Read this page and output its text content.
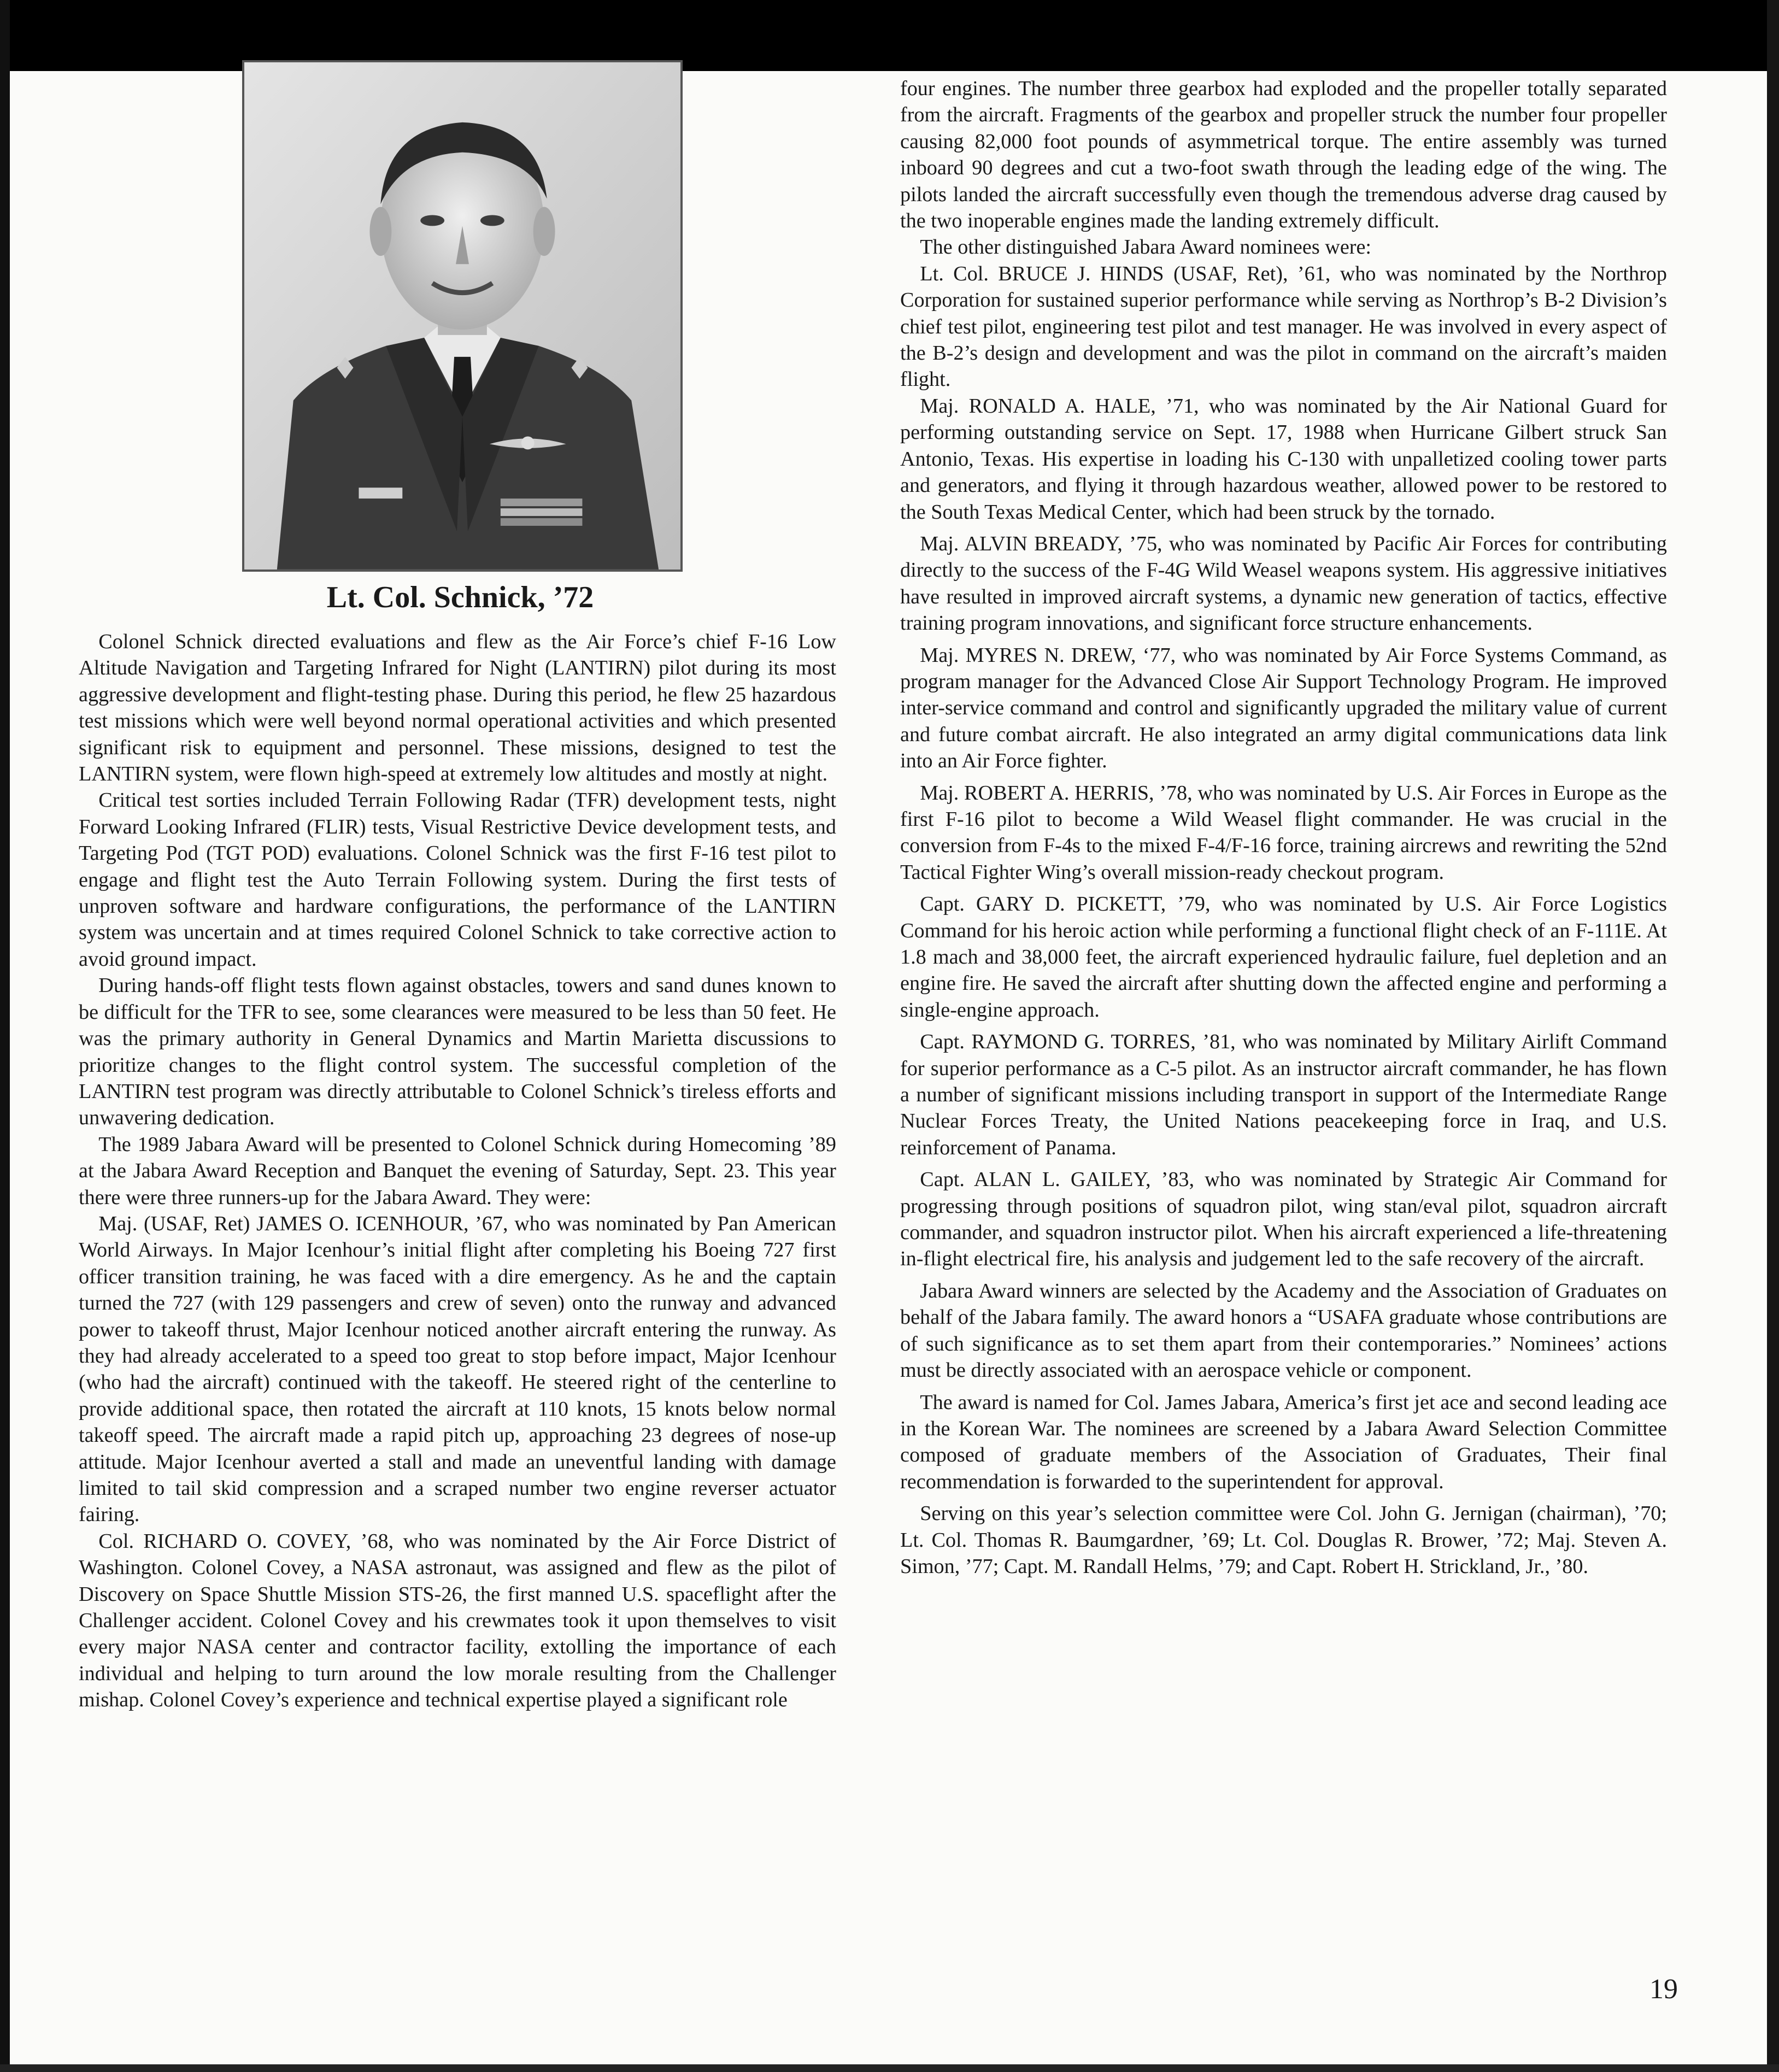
Lt. Col. Schnick, ’72

Colonel Schnick directed evaluations and flew as the Air Force’s chief F-16 Low Altitude Navigation and Targeting Infrared for Night (LANTIRN) pilot during its most aggressive development and flight-testing phase. During this period, he flew 25 hazardous test missions which were well beyond normal operational activities and which presented significant risk to equipment and personnel. These missions, designed to test the LANTIRN system, were flown high-speed at extremely low altitudes and mostly at night.

Critical test sorties included Terrain Following Radar (TFR) development tests, night Forward Looking Infrared (FLIR) tests, Visual Restrictive Device development tests, and Targeting Pod (TGT POD) evaluations. Colonel Schnick was the first F-16 test pilot to engage and flight test the Auto Terrain Following system. During the first tests of unproven software and hardware configurations, the performance of the LANTIRN system was uncertain and at times required Colonel Schnick to take corrective action to avoid ground impact.

During hands-off flight tests flown against obstacles, towers and sand dunes known to be difficult for the TFR to see, some clearances were measured to be less than 50 feet. He was the primary authority in General Dynamics and Martin Marietta discussions to prioritize changes to the flight control system. The successful completion of the LANTIRN test program was directly attributable to Colonel Schnick’s tireless efforts and unwavering dedication.

The 1989 Jabara Award will be presented to Colonel Schnick during Homecoming ’89 at the Jabara Award Reception and Banquet the evening of Saturday, Sept. 23. This year there were three runners-up for the Jabara Award. They were:

Maj. (USAF, Ret) JAMES O. ICENHOUR, ’67, who was nominated by Pan American World Airways. In Major Icenhour’s initial flight after completing his Boeing 727 first officer transition training, he was faced with a dire emergency. As he and the captain turned the 727 (with 129 passengers and crew of seven) onto the runway and advanced power to takeoff thrust, Major Icenhour noticed another aircraft entering the runway. As they had already accelerated to a speed too great to stop before impact, Major Icenhour (who had the aircraft) continued with the takeoff. He steered right of the centerline to provide additional space, then rotated the aircraft at 110 knots, 15 knots below normal takeoff speed. The aircraft made a rapid pitch up, approaching 23 degrees of nose-up attitude. Major Icenhour averted a stall and made an uneventful landing with damage limited to tail skid compression and a scraped number two engine reverser actuator fairing.

Col. RICHARD O. COVEY, ’68, who was nominated by the Air Force District of Washington. Colonel Covey, a NASA astronaut, was assigned and flew as the pilot of Discovery on Space Shuttle Mission STS-26, the first manned U.S. spaceflight after the Challenger accident. Colonel Covey and his crewmates took it upon themselves to visit every major NASA center and contractor facility, extolling the importance of each individual and helping to turn around the low morale resulting from the Challenger mishap. Colonel Covey’s experience and technical expertise played a significant role

four engines. The number three gearbox had exploded and the propeller totally separated from the aircraft. Fragments of the gearbox and propeller struck the number four propeller causing 82,000 foot pounds of asymmetrical torque. The entire assembly was turned inboard 90 degrees and cut a two-foot swath through the leading edge of the wing. The pilots landed the aircraft successfully even though the tremendous adverse drag caused by the two inoperable engines made the landing extremely difficult.

The other distinguished Jabara Award nominees were:

Lt. Col. BRUCE J. HINDS (USAF, Ret), ’61, who was nominated by the Northrop Corporation for sustained superior performance while serving as Northrop’s B-2 Division’s chief test pilot, engineering test pilot and test manager. He was involved in every aspect of the B-2’s design and development and was the pilot in command on the aircraft’s maiden flight.

Maj. RONALD A. HALE, ’71, who was nominated by the Air National Guard for performing outstanding service on Sept. 17, 1988 when Hurricane Gilbert struck San Antonio, Texas. His expertise in loading his C-130 with unpalletized cooling tower parts and generators, and flying it through hazardous weather, allowed power to be restored to the South Texas Medical Center, which had been struck by the tornado.

Maj. ALVIN BREADY, ’75, who was nominated by Pacific Air Forces for contributing directly to the success of the F-4G Wild Weasel weapons system. His aggressive initiatives have resulted in improved aircraft systems, a dynamic new generation of tactics, effective training program innovations, and significant force structure enhancements.

Maj. MYRES N. DREW, ‘77, who was nominated by Air Force Systems Command, as program manager for the Advanced Close Air Support Technology Program. He improved inter-service command and control and significantly upgraded the military value of current and future combat aircraft. He also integrated an army digital communications data link into an Air Force fighter.

Maj. ROBERT A. HERRIS, ’78, who was nominated by U.S. Air Forces in Europe as the first F-16 pilot to become a Wild Weasel flight commander. He was crucial in the conversion from F-4s to the mixed F-4/F-16 force, training aircrews and rewriting the 52nd Tactical Fighter Wing’s overall mission-ready checkout program.

Capt. GARY D. PICKETT, ’79, who was nominated by U.S. Air Force Logistics Command for his heroic action while performing a functional flight check of an F-111E. At 1.8 mach and 38,000 feet, the aircraft experienced hydraulic failure, fuel depletion and an engine fire. He saved the aircraft after shutting down the affected engine and performing a single-engine approach.

Capt. RAYMOND G. TORRES, ’81, who was nominated by Military Airlift Command for superior performance as a C-5 pilot. As an instructor aircraft commander, he has flown a number of significant missions including transport in support of the Intermediate Range Nuclear Forces Treaty, the United Nations peacekeeping force in Iraq, and U.S. reinforcement of Panama.

Capt. ALAN L. GAILEY, ’83, who was nominated by Strategic Air Command for progressing through positions of squadron pilot, wing stan/eval pilot, squadron aircraft commander, and squadron instructor pilot. When his aircraft experienced a life-threatening in-flight electrical fire, his analysis and judgement led to the safe recovery of the aircraft.

Jabara Award winners are selected by the Academy and the Association of Graduates on behalf of the Jabara family. The award honors a “USAFA graduate whose contributions are of such significance as to set them apart from their contemporaries.” Nominees’ actions must be directly associated with an aerospace vehicle or component.

The award is named for Col. James Jabara, America’s first jet ace and second leading ace in the Korean War. The nominees are screened by a Jabara Award Selection Committee composed of graduate members of the Association of Graduates, Their final recommendation is forwarded to the superintendent for approval.

Serving on this year’s selection committee were Col. John G. Jernigan (chairman), ’70; Lt. Col. Thomas R. Baumgardner, ’69; Lt. Col. Douglas R. Brower, ’72; Maj. Steven A. Simon, ’77; Capt. M. Randall Helms, ’79; and Capt. Robert H. Strickland, Jr., ’80.

19
